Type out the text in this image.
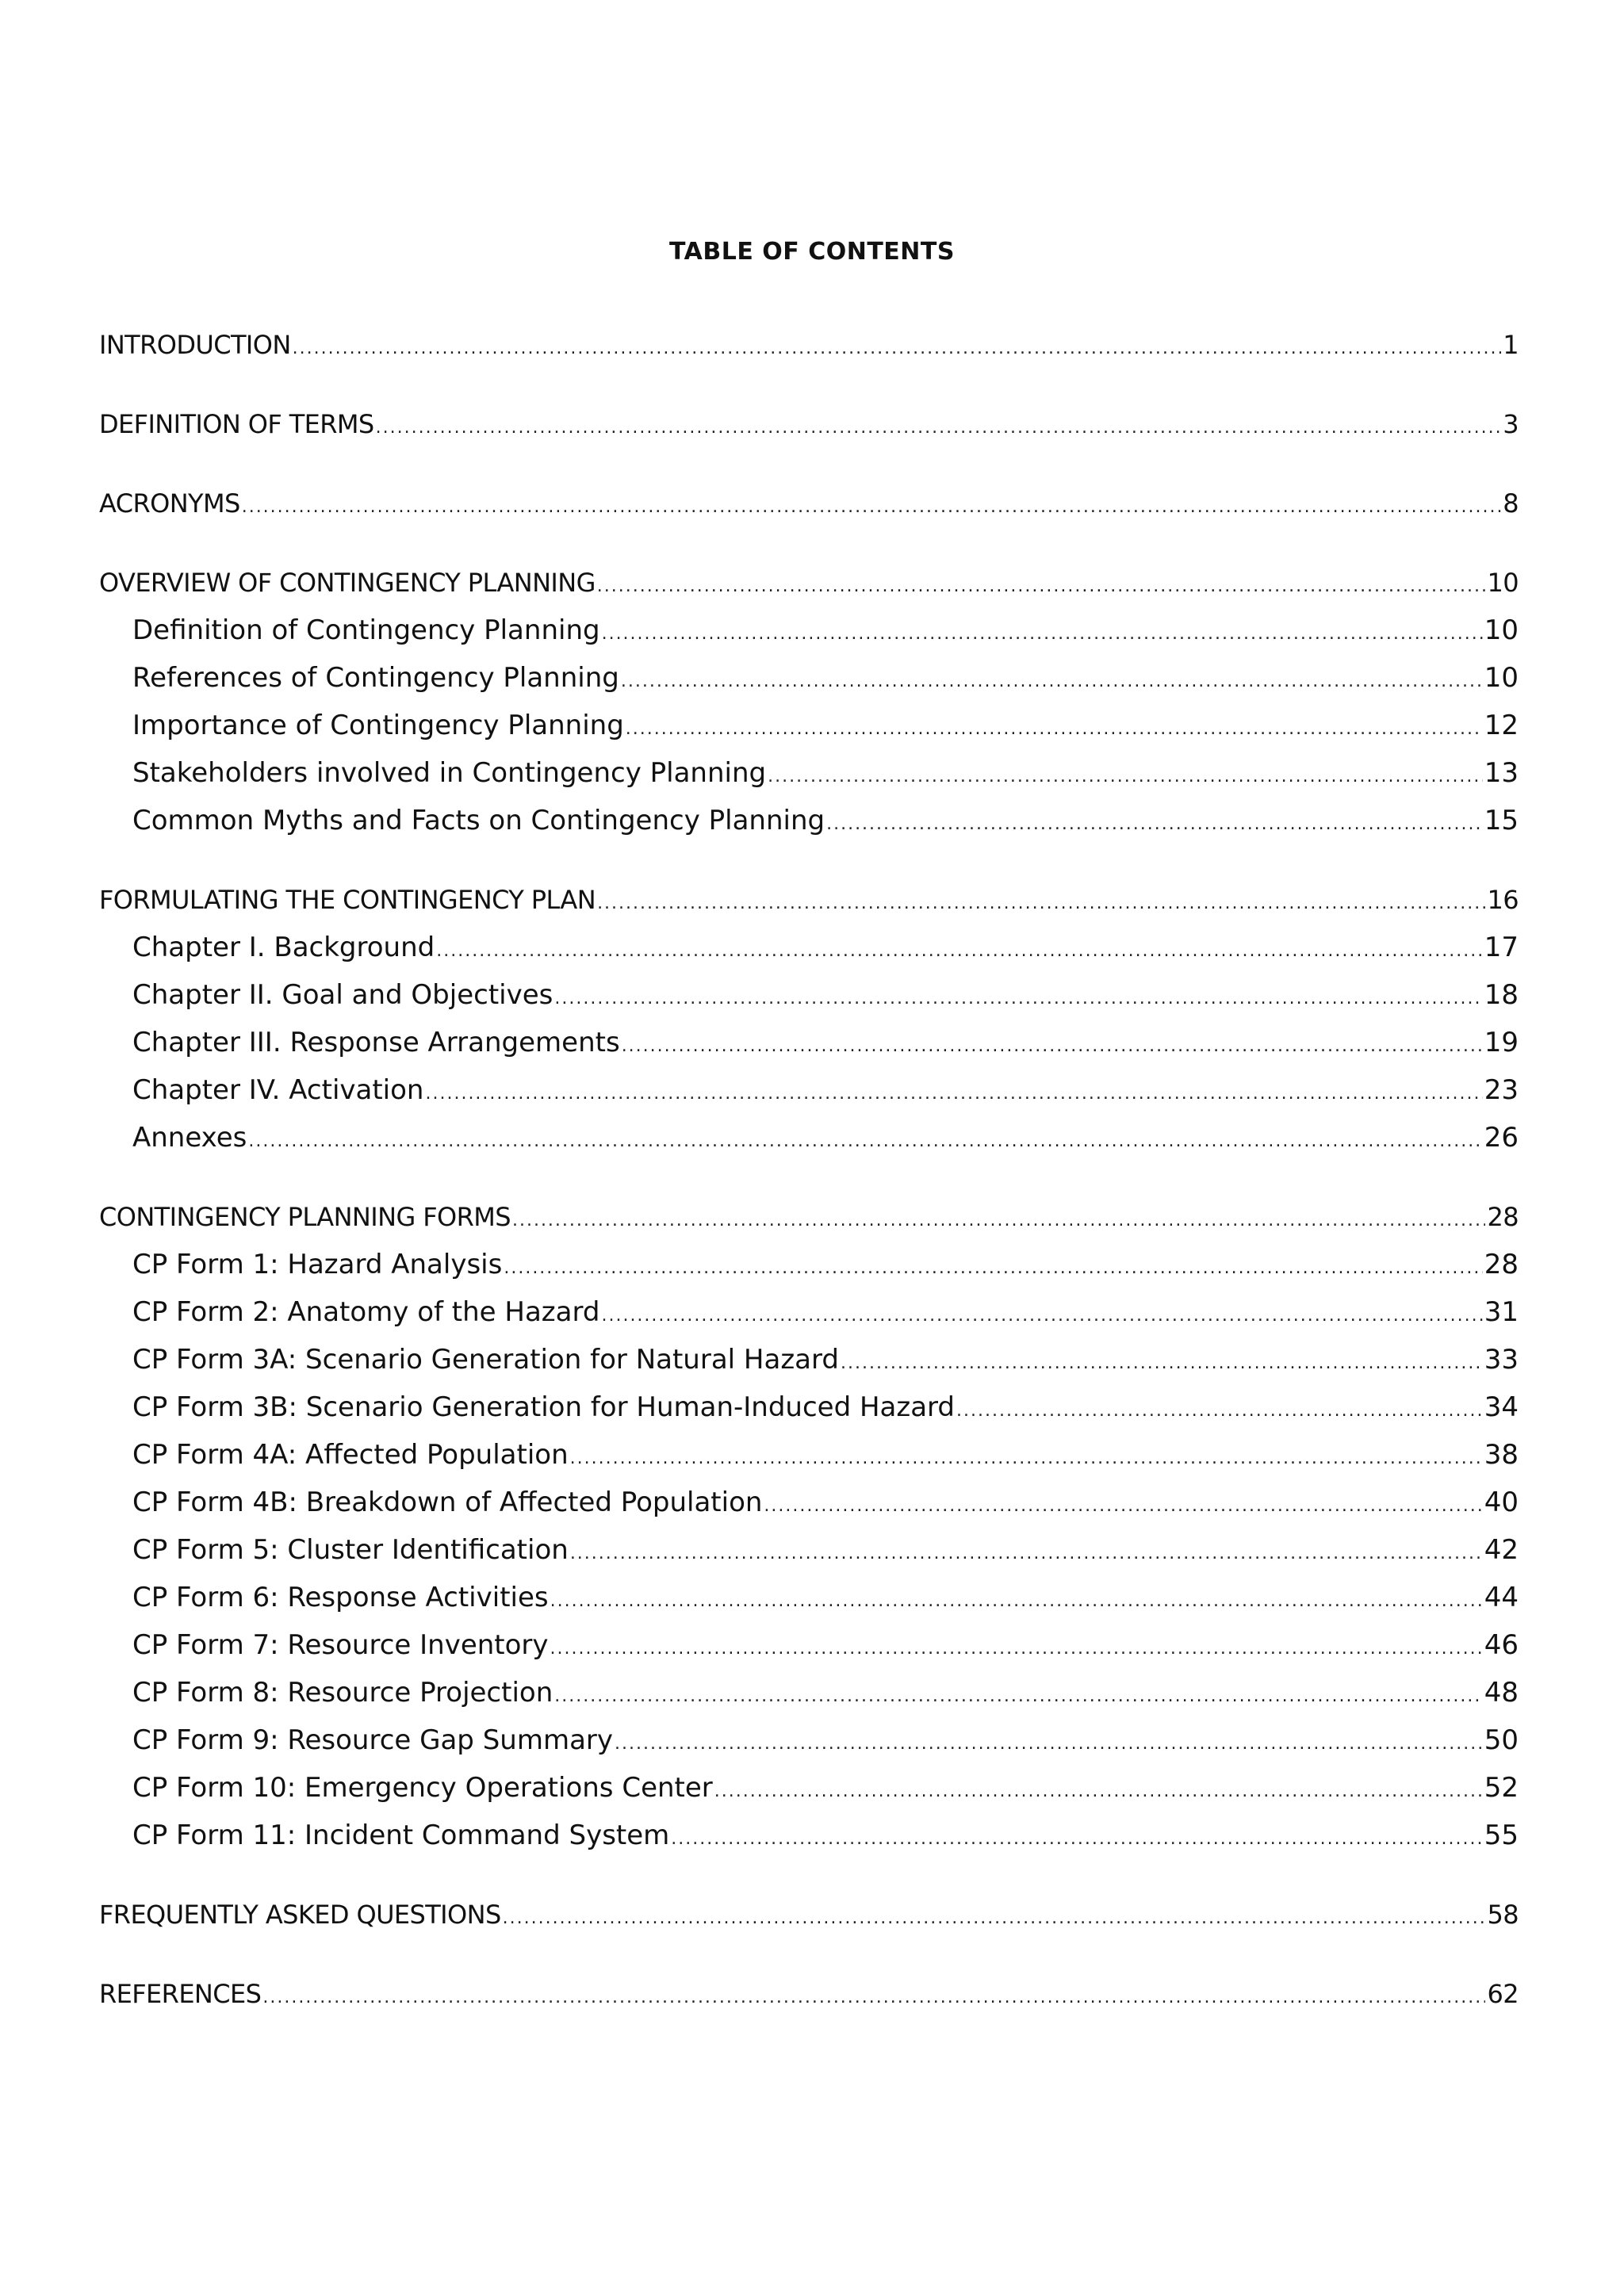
TABLE OF CONTENTS
INTRODUCTION .....	1
DEFINITION OF TERMS .....	3
ACRONYMS .....	8
OVERVIEW OF CONTINGENCY PLANNING .....	10
Definition of Contingency Planning .....	10
References of Contingency Planning .....	10
Importance of Contingency Planning .....	12
Stakeholders involved in Contingency Planning .....	13
Common Myths and Facts on Contingency Planning .....	15
FORMULATING THE CONTINGENCY PLAN .....	16
Chapter I. Background .....	17
Chapter II. Goal and Objectives .....	18
Chapter III. Response Arrangements .....	19
Chapter IV. Activation .....	23
Annexes .....	26
CONTINGENCY PLANNING FORMS .....	28
CP Form 1: Hazard Analysis .....	28
CP Form 2: Anatomy of the Hazard .....	31
CP Form 3A: Scenario Generation for Natural Hazard .....	33
CP Form 3B: Scenario Generation for Human-Induced Hazard .....	34
CP Form 4A: Affected Population .....	38
CP Form 4B: Breakdown of Affected Population .....	40
CP Form 5: Cluster Identification .....	42
CP Form 6: Response Activities .....	44
CP Form 7: Resource Inventory .....	46
CP Form 8: Resource Projection .....	48
CP Form 9: Resource Gap Summary .....	50
CP Form 10: Emergency Operations Center .....	52
CP Form 11: Incident Command System .....	55
FREQUENTLY ASKED QUESTIONS .....	58
REFERENCES .....	62
